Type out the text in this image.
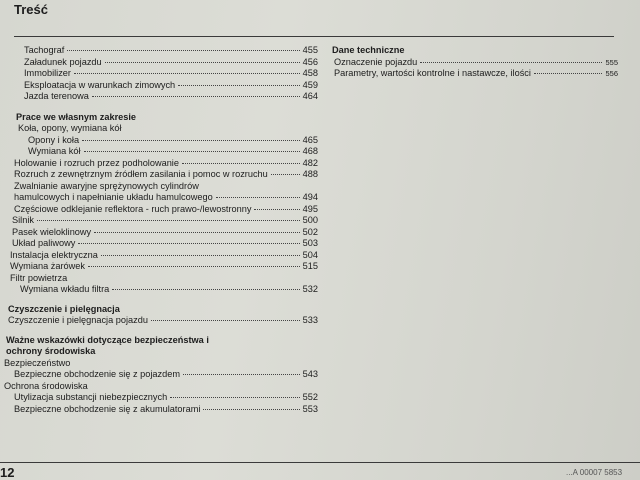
Treść
Tachograf	455
Załadunek pojazdu	456
Immobilizer	458
Eksploatacja w warunkach zimowych	459
Jazda terenowa	464
Prace we własnym zakresie
Koła, opony, wymiana kół
Opony i koła	465
Wymiana kół	468
Holowanie i rozruch przez podholowanie	482
Rozruch z zewnętrznym źródłem zasilania i pomoc w rozruchu	488
Zwalnianie awaryjne sprężynowych cylindrów
hamulcowych i napełnianie układu hamulcowego	494
Częściowe odklejanie reflektora - ruch prawo-/lewostronny	495
Silnik	500
Pasek wieloklinowy	502
Układ paliwowy	503
Instalacja elektryczna	504
Wymiana żarówek	515
Filtr powietrza
Wymiana wkładu filtra	532
Czyszczenie i pielęgnacja
Czyszczenie i pielęgnacja pojazdu	533
Ważne wskazówki dotyczące bezpieczeństwa i
ochrony środowiska
Bezpieczeństwo
Bezpieczne obchodzenie się z pojazdem	543
Ochrona środowiska
Utylizacja substancji niebezpiecznych	552
Bezpieczne obchodzenie się z akumulatorami	553
Dane techniczne
Oznaczenie pojazdu	555
Parametry, wartości kontrolne i nastawcze, ilości	556
12	...A 00007 5853
